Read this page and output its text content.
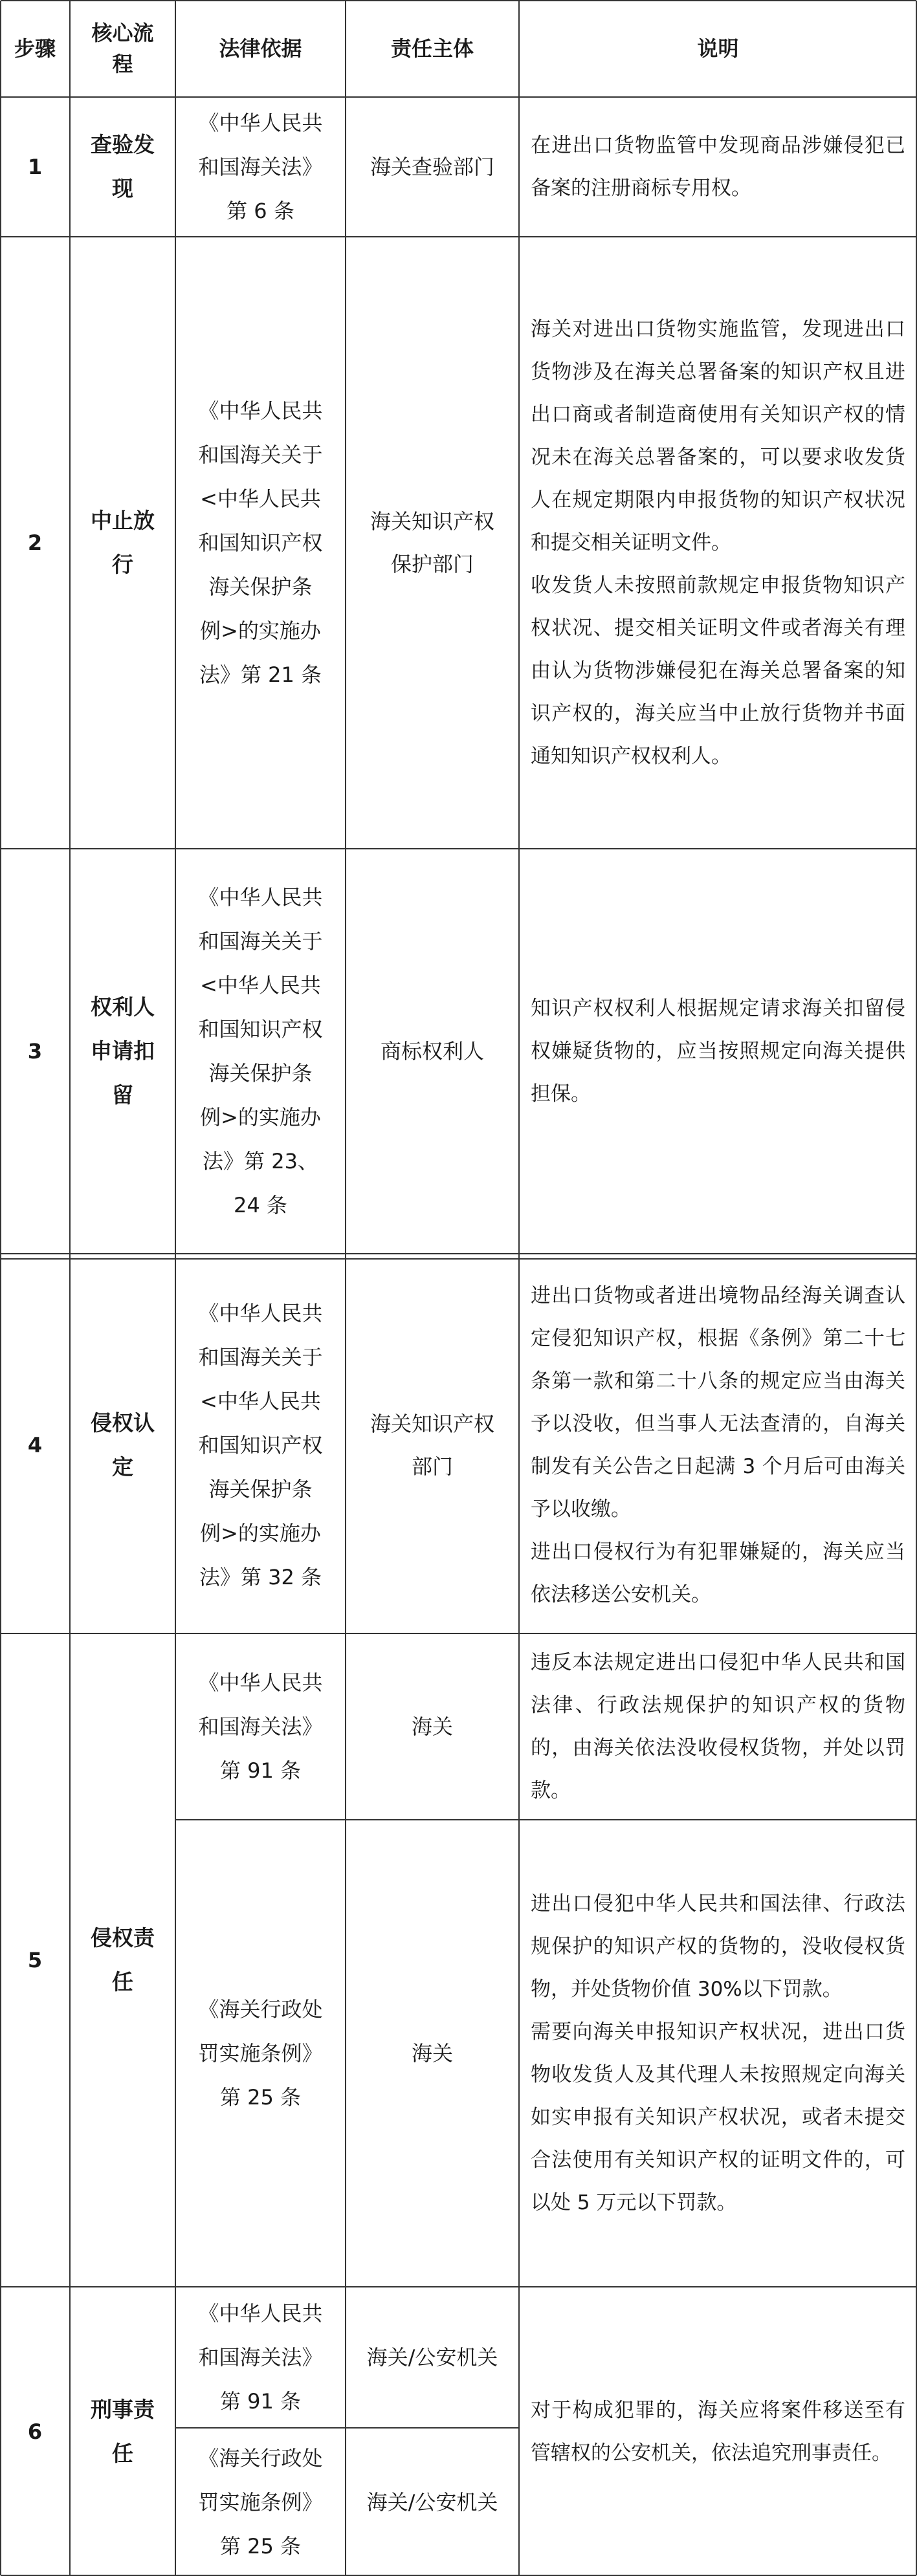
步骤
核心流
程
法律依据	责任主体	说明
1
查验发
现
《中华人民共
和国海关法》
第 6 条
海关查验部门

在进出口货物监管中发现商品涉嫌侵犯已备案的注册商标专用权。

2
中止放
行
《中华人民共
和国海关关于
<中华人民共
和国知识产权
海关保护条
例>的实施办
法》第 21 条
海关知识产权
保护部门

海关对进出口货物实施监管，发现进出口货物涉及在海关总署备案的知识产权且进出口商或者制造商使用有关知识产权的情况未在海关总署备案的，可以要求收发货人在规定期限内申报货物的知识产权状况和提交相关证明文件。

收发货人未按照前款规定申报货物知识产权状况、提交相关证明文件或者海关有理由认为货物涉嫌侵犯在海关总署备案的知识产权的，海关应当中止放行货物并书面通知知识产权权利人。

3
权利人
申请扣
留
《中华人民共
和国海关关于
<中华人民共
和国知识产权
海关保护条
例>的实施办
法》第 23、
24 条
商标权利人

知识产权权利人根据规定请求海关扣留侵权嫌疑货物的，应当按照规定向海关提供担保。

4
侵权认
定
《中华人民共
和国海关关于
<中华人民共
和国知识产权
海关保护条
例>的实施办
法》第 32 条
海关知识产权
部门

进出口货物或者进出境物品经海关调查认定侵犯知识产权，根据《条例》第二十七条第一款和第二十八条的规定应当由海关予以没收，但当事人无法查清的，自海关制发有关公告之日起满 3 个月后可由海关予以收缴。

进出口侵权行为有犯罪嫌疑的，海关应当依法移送公安机关。

5
侵权责
任
《中华人民共
和国海关法》
第 91 条
海关

违反本法规定进出口侵犯中华人民共和国法律、行政法规保护的知识产权的货物的，由海关依法没收侵权货物，并处以罚款。

《海关行政处
罚实施条例》
第 25 条
海关

进出口侵犯中华人民共和国法律、行政法规保护的知识产权的货物的，没收侵权货物，并处货物价值 30%以下罚款。

需要向海关申报知识产权状况，进出口货物收发货人及其代理人未按照规定向海关如实申报有关知识产权状况，或者未提交合法使用有关知识产权的证明文件的，可以处 5 万元以下罚款。

6
刑事责
任
《中华人民共
和国海关法》
第 91 条
海关/公安机关
《海关行政处
罚实施条例》
第 25 条
海关/公安机关

对于构成犯罪的，海关应将案件移送至有管辖权的公安机关，依法追究刑事责任。
